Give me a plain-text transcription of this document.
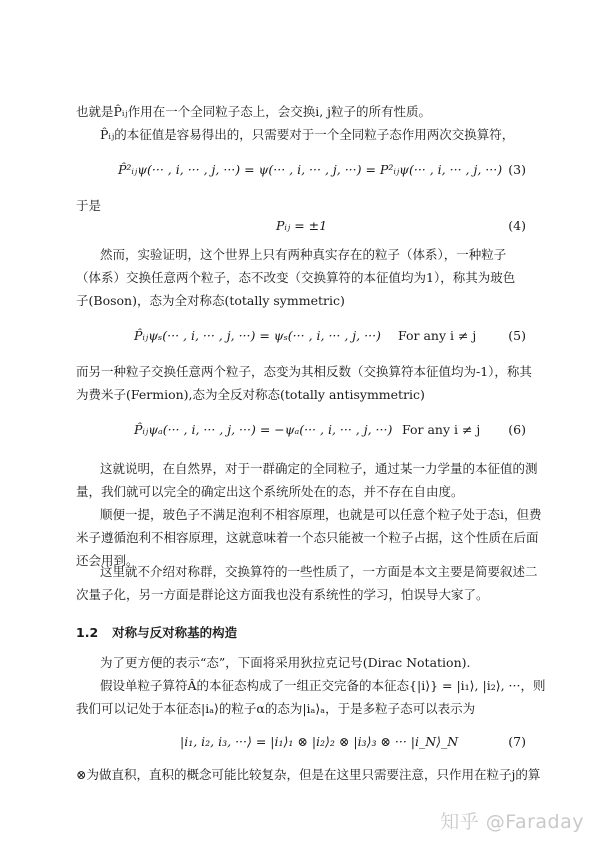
也就是P̂ᵢⱼ作用在一个全同粒子态上，会交换i, j粒子的所有性质。
P̂ᵢⱼ的本征值是容易得出的，只需要对于一个全同粒子态作用两次交换算符，
P̂²ᵢⱼψ(··· , i, ··· , j, ···) = ψ(··· , i, ··· , j, ···) = P²ᵢⱼψ(··· , i, ··· , j, ···) (3)
于是
Pᵢⱼ = ±1	(4)
然而，实验证明，这个世界上只有两种真实存在的粒子（体系），一种粒子
（体系）交换任意两个粒子，态不改变（交换算符的本征值均为1），称其为玻色
子(Boson)，态为全对称态(totally symmetric)
P̂ᵢⱼψₛ(··· , i, ··· , j, ···) = ψₛ(··· , i, ··· , j, ···) For any i ≠ j	(5)
而另一种粒子交换任意两个粒子，态变为其相反数（交换算符本征值均为-1），称其
为费米子(Fermion),态为全反对称态(totally antisymmetric)
P̂ᵢⱼψₐ(··· , i, ··· , j, ···) = −ψₐ(··· , i, ··· , j, ···) For any i ≠ j (6)
这就说明，在自然界，对于一群确定的全同粒子，通过某一力学量的本征值的测
量，我们就可以完全的确定出这个系统所处在的态，并不存在自由度。
顺便一提，玻色子不满足泡利不相容原理，也就是可以任意个粒子处于态i，但费
米子遵循泡利不相容原理，这就意味着一个态只能被一个粒子占据，这个性质在后面
还会用到。
这里就不介绍对称群，交换算符的一些性质了，一方面是本文主要是简要叙述二
次量子化，另一方面是群论这方面我也没有系统性的学习，怕误导大家了。
1.2 对称与反对称基的构造
为了更方便的表示“态”，下面将采用狄拉克记号(Dirac Notation).
假设单粒子算符Â的本征态构成了一组正交完备的本征态{|i⟩} = |i₁⟩, |i₂⟩, ···，则
我们可以记处于本征态|iₐ⟩的粒子α的态为|iₐ⟩ₐ，于是多粒子态可以表示为
|i₁, i₂, i₃, ···⟩ = |i₁⟩₁ ⊗ |i₂⟩₂ ⊗ |i₃⟩₃ ⊗ ··· |i_N⟩_N	(7)
⊗为做直积，直积的概念可能比较复杂，但是在这里只需要注意，只作用在粒子j的算
知乎 @Faraday
